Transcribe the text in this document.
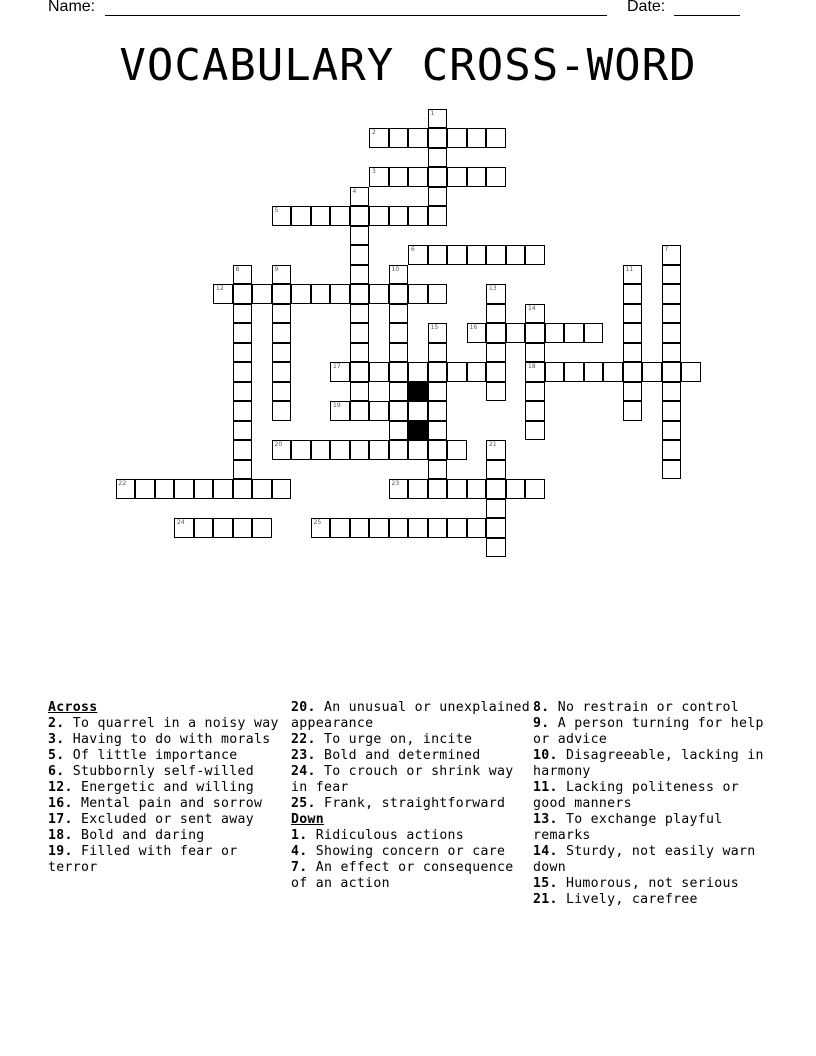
Name:	Date:
VOCABULARY CROSS-WORD
1
2
3
4
5
6	7
8	9	10	11
12	13
14
18
15	16
17
19
20	21
22	23
24	25
Across
2. To quarrel in a noisy way
3. Having to do with morals
5. Of little importance
6. Stubbornly self-willed
12. Energetic and willing
16. Mental pain and sorrow
17. Excluded or sent away
18. Bold and daring
19. Filled with fear or terror
20. An unusual or unexplained appearance
22. To urge on, incite
23. Bold and determined
24. To crouch or shrink way in fear
25. Frank, straightforward
Down
1. Ridiculous actions
4. Showing concern or care
7. An effect or consequence of an action
8. No restrain or control
9. A person turning for help or advice
10. Disagreeable, lacking in harmony
11. Lacking politeness or good manners
13. To exchange playful remarks
14. Sturdy, not easily warn down
15. Humorous, not serious
21. Lively, carefree
